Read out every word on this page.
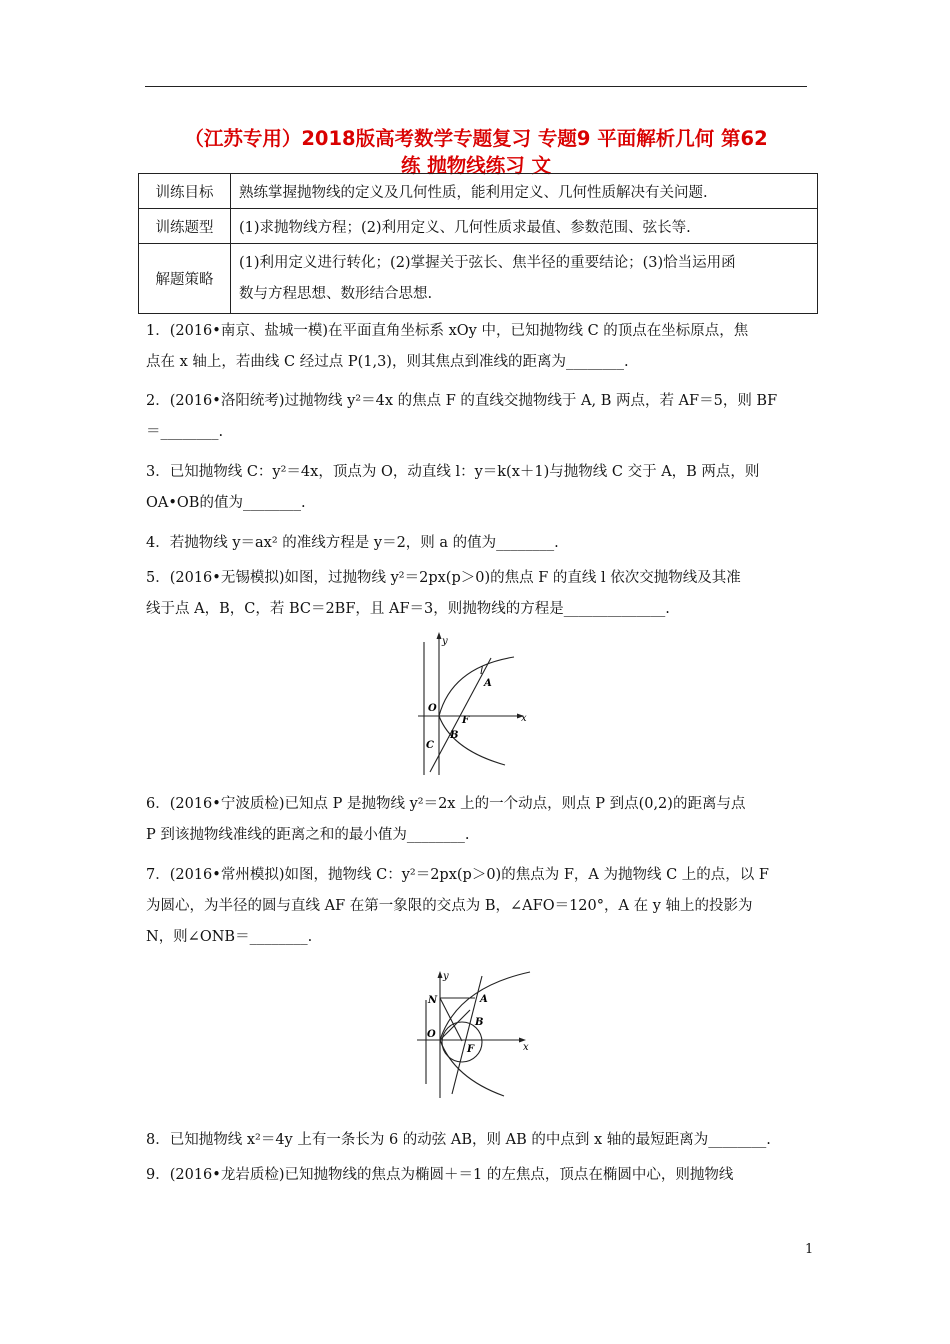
（江苏专用）2018版高考数学专题复习 专题9 平面解析几何 第62
练 抛物线练习 文
训练目标	熟练掌握抛物线的定义及几何性质，能利用定义、几何性质解决有关问题.
训练题型	(1)求抛物线方程；(2)利用定义、几何性质求最值、参数范围、弦长等.
解题策略	(1)利用定义进行转化；(2)掌握关于弦长、焦半径的重要结论；(3)恰当运用函
数与方程思想、数形结合思想.
1．(2016•南京、盐城一模)在平面直角坐标系 xOy 中，已知抛物线 C 的顶点在坐标原点，焦
点在 x 轴上，若曲线 C 经过点 P(1,3)，则其焦点到准线的距离为________.
2．(2016•洛阳统考)过抛物线 y²＝4x 的焦点 F 的直线交抛物线于 A, B 两点，若 AF＝5，则 BF
＝________.
3．已知抛物线 C：y²＝4x，顶点为 O，动直线 l：y＝k(x＋1)与抛物线 C 交于 A，B 两点，则
OA•OB的值为________.
4．若抛物线 y＝ax² 的准线方程是 y＝2，则 a 的值为________.
5．(2016•无锡模拟)如图，过抛物线 y²＝2px(p＞0)的焦点 F 的直线 l 依次交抛物线及其准
线于点 A，B，C，若 BC＝2BF，且 AF＝3，则抛物线的方程是______________.
y
x
l
A
O
F
B
C
6．(2016•宁波质检)已知点 P 是抛物线 y²＝2x 上的一个动点，则点 P 到点(0,2)的距离与点
P 到该抛物线准线的距离之和的最小值为________.
7．(2016•常州模拟)如图，抛物线 C：y²＝2px(p＞0)的焦点为 F，A 为抛物线 C 上的点，以 F
为圆心，为半径的圆与直线 AF 在第一象限的交点为 B，∠AFO＝120°，A 在 y 轴上的投影为
N，则∠ONB＝________.
y
x
N	A
B
O
F
8．已知抛物线 x²＝4y 上有一条长为 6 的动弦 AB，则 AB 的中点到 x 轴的最短距离为________.
9．(2016•龙岩质检)已知抛物线的焦点为椭圆＋＝1 的左焦点，顶点在椭圆中心，则抛物线
1
